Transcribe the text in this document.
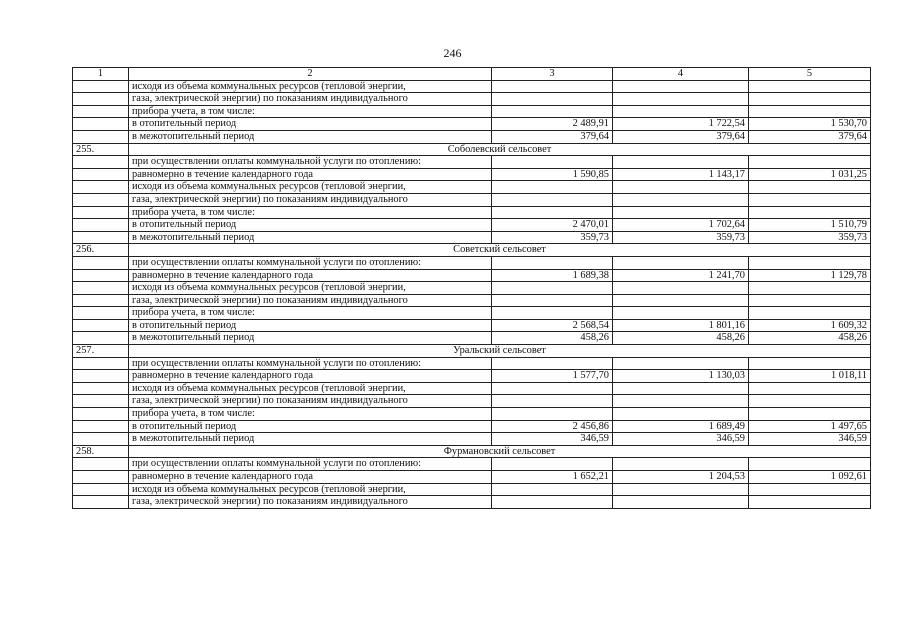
246
1	2	3	4	5
	исходя из объема коммунальных ресурсов (тепловой энергии,			
	газа, электрической энергии) по показаниям индивидуального			
	прибора учета, в том числе:			
	в отопительный период	2 489,91	1 722,54	1 530,70
	в межотопительный период	379,64	379,64	379,64
255.	Соболевский сельсовет			
	при осуществлении оплаты коммунальной услуги по отоплению:			
	равномерно в течение календарного года	1 590,85	1 143,17	1 031,25
	исходя из объема коммунальных ресурсов (тепловой энергии,			
	газа, электрической энергии) по показаниям индивидуального			
	прибора учета, в том числе:			
	в отопительный период	2 470,01	1 702,64	1 510,79
	в межотопительный период	359,73	359,73	359,73
256.	Советский сельсовет			
	при осуществлении оплаты коммунальной услуги по отоплению:			
	равномерно в течение календарного года	1 689,38	1 241,70	1 129,78
	исходя из объема коммунальных ресурсов (тепловой энергии,			
	газа, электрической энергии) по показаниям индивидуального			
	прибора учета, в том числе:			
	в отопительный период	2 568,54	1 801,16	1 609,32
	в межотопительный период	458,26	458,26	458,26
257.	Уральский сельсовет			
	при осуществлении оплаты коммунальной услуги по отоплению:			
	равномерно в течение календарного года	1 577,70	1 130,03	1 018,11
	исходя из объема коммунальных ресурсов (тепловой энергии,			
	газа, электрической энергии) по показаниям индивидуального			
	прибора учета, в том числе:			
	в отопительный период	2 456,86	1 689,49	1 497,65
	в межотопительный период	346,59	346,59	346,59
258.	Фурмановский сельсовет			
	при осуществлении оплаты коммунальной услуги по отоплению:			
	равномерно в течение календарного года	1 652,21	1 204,53	1 092,61
	исходя из объема коммунальных ресурсов (тепловой энергии,			
	газа, электрической энергии) по показаниям индивидуального			
